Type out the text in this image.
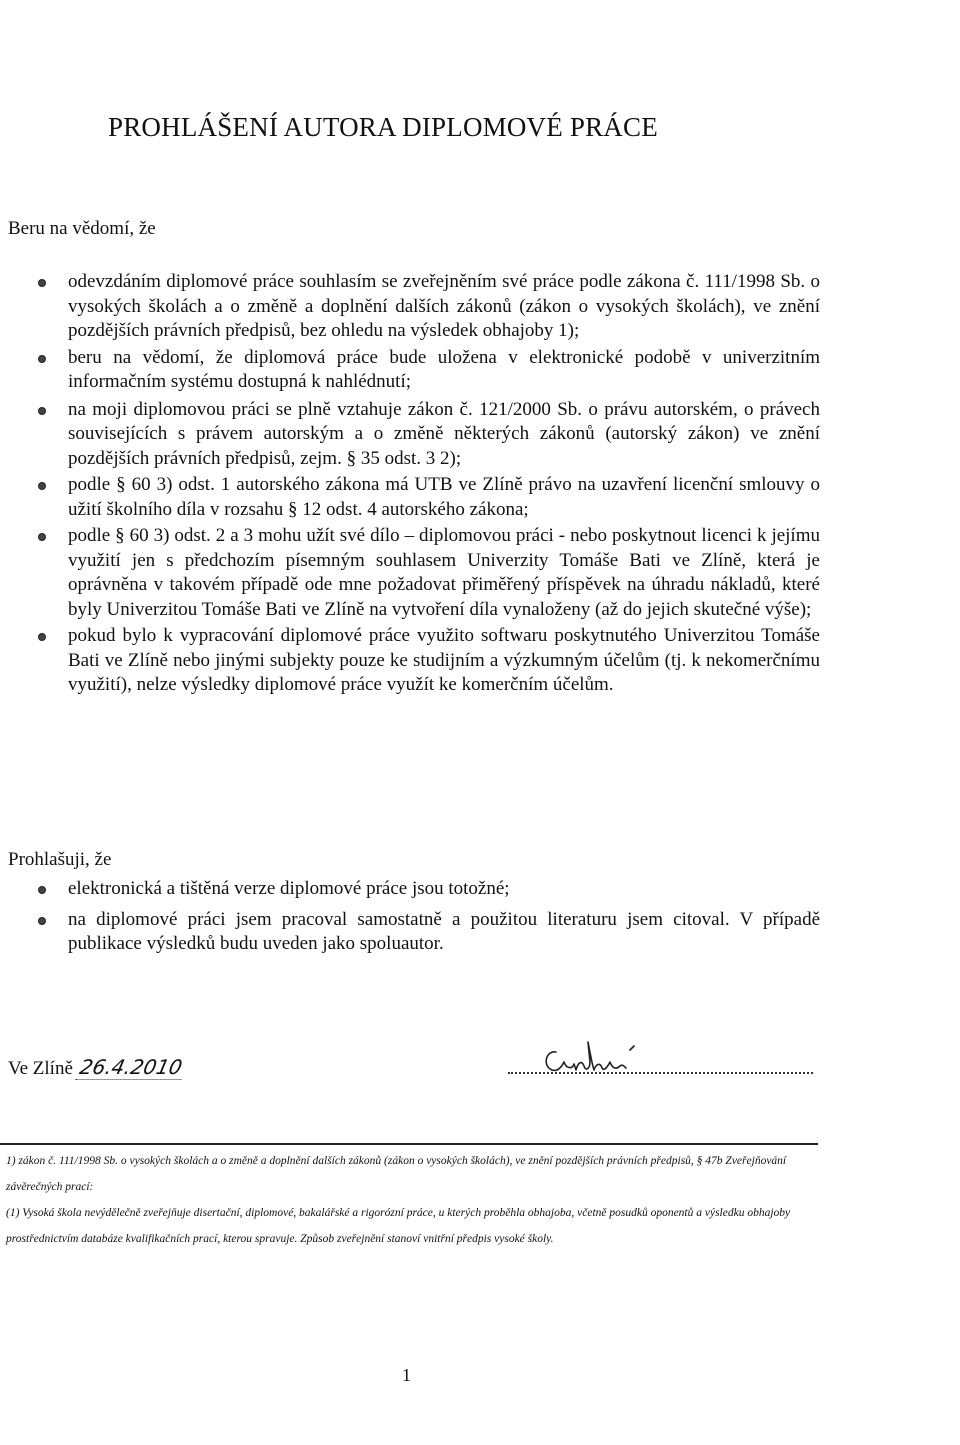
PROHLÁŠENÍ AUTORA DIPLOMOVÉ PRÁCE
Beru na vědomí, že
odevzdáním diplomové práce souhlasím se zveřejněním své práce podle zákona č. 111/1998 Sb. o vysokých školách a o změně a doplnění dalších zákonů (zákon o vysokých školách), ve znění pozdějších právních předpisů, bez ohledu na výsledek obhajoby 1);
beru na vědomí, že diplomová práce bude uložena v elektronické podobě v univerzitním informačním systému dostupná k nahlédnutí;
na moji diplomovou práci se plně vztahuje zákon č. 121/2000 Sb. o právu autorském, o právech souvisejících s právem autorským a o změně některých zákonů (autorský zákon) ve znění pozdějších právních předpisů, zejm. § 35 odst. 3 2);
podle § 60 3) odst. 1 autorského zákona má UTB ve Zlíně právo na uzavření licenční smlouvy o užití školního díla v rozsahu § 12 odst. 4 autorského zákona;
podle § 60 3) odst. 2 a 3 mohu užít své dílo – diplomovou práci - nebo poskytnout licenci k jejímu využití jen s předchozím písemným souhlasem Univerzity Tomáše Bati ve Zlíně, která je oprávněna v takovém případě ode mne požadovat přiměřený příspěvek na úhradu nákladů, které byly Univerzitou Tomáše Bati ve Zlíně na vytvoření díla vynaloženy (až do jejich skutečné výše);
pokud bylo k vypracování diplomové práce využito softwaru poskytnutého Univerzitou Tomáše Bati ve Zlíně nebo jinými subjekty pouze ke studijním a výzkumným účelům (tj. k nekomerčnímu využití), nelze výsledky diplomové práce využít ke komerčním účelům.
Prohlašuji, že
elektronická a tištěná verze diplomové práce jsou totožné;
na diplomové práci jsem pracoval samostatně a použitou literaturu jsem citoval. V případě publikace výsledků budu uveden jako spoluautor.
Ve Zlíně 26.4.2010
1) zákon č. 111/1998 Sb. o vysokých školách a o změně a doplnění dalších zákonů (zákon o vysokých školách), ve znění pozdějších právních předpisů, § 47b Zveřejňování závěrečných prací:
(1) Vysoká škola nevýdělečně zveřejňuje disertační, diplomové, bakalářské a rigorózní práce, u kterých proběhla obhajoba, včetně posudků oponentů a výsledku obhajoby prostřednictvím databáze kvalifikačních prací, kterou spravuje. Způsob zveřejnění stanoví vnitřní předpis vysoké školy.
1
